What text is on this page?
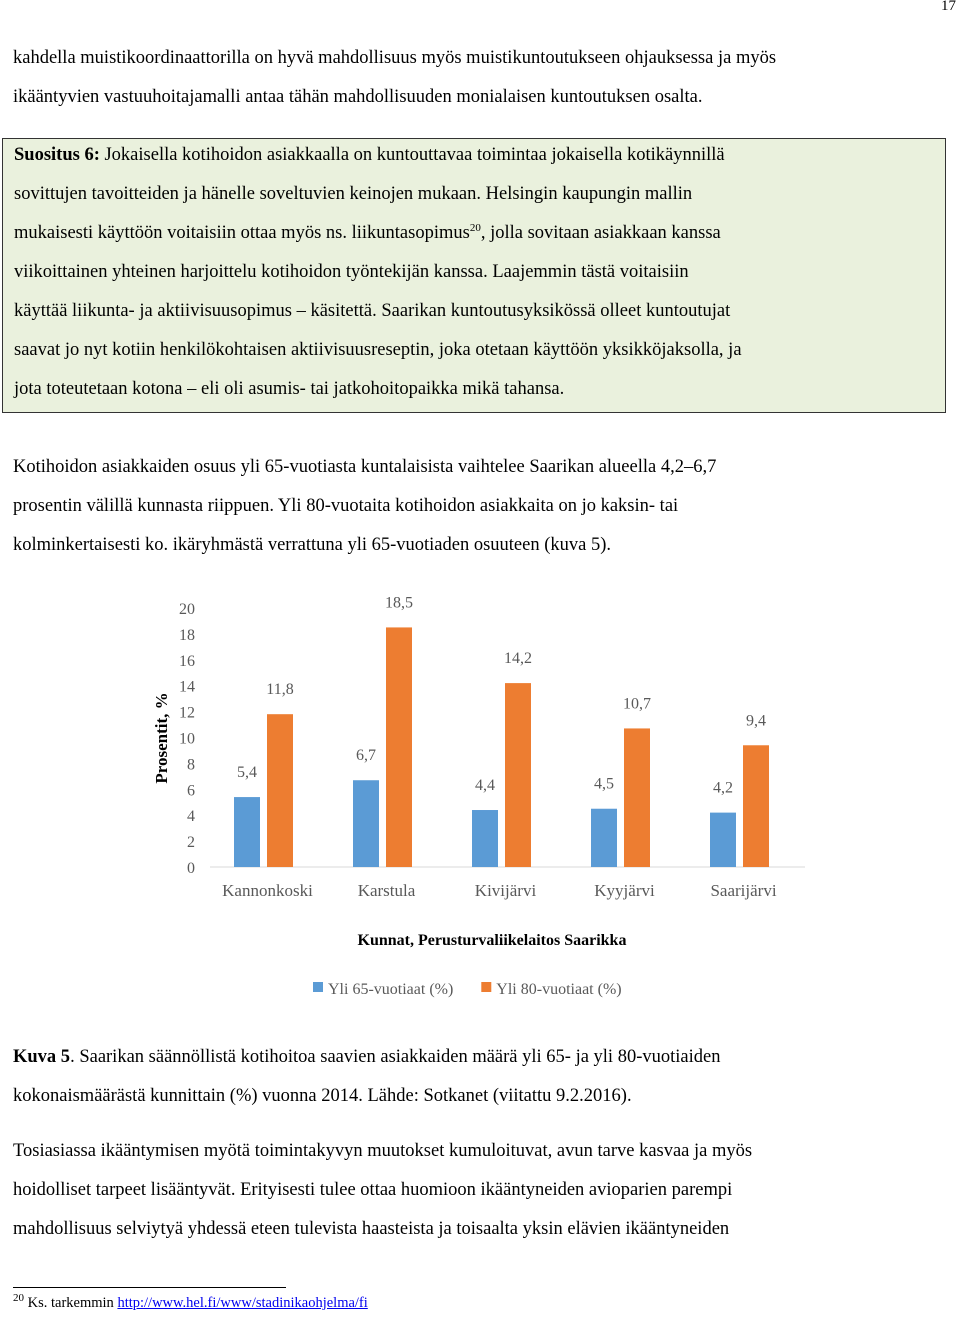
17

kahdella muistikoordinaattorilla on hyvä mahdollisuus myös muistikuntoutukseen ohjauksessa ja myös

ikääntyvien vastuuhoitajamalli antaa tähän mahdollisuuden monialaisen kuntoutuksen osalta.

Suositus 6: Jokaisella kotihoidon asiakkaalla on kuntouttavaa toimintaa jokaisella kotikäynnillä

sovittujen tavoitteiden ja hänelle soveltuvien keinojen mukaan. Helsingin kaupungin mallin

mukaisesti käyttöön voitaisiin ottaa myös ns. liikuntasopimus$^{20}$, jolla sovitaan asiakkaan kanssa

viikoittainen yhteinen harjoittelu kotihoidon työntekijän kanssa. Laajemmin tästä voitaisiin

käyttää liikunta- ja aktiivisuusopimus – käsitettä. Saarikan kuntoutusyksikössä olleet kuntoutujat

saavat jo nyt kotiin henkilökohtaisen aktiivisuusreseptin, joka otetaan käyttöön yksikköjaksolla, ja

jota toteutetaan kotona – eli oli asumis- tai jatkohoitopaikka mikä tahansa.

Kotihoidon asiakkaiden osuus yli 65-vuotiasta kuntalaisista vaihtelee Saarikan alueella 4,2–6,7

prosentin välillä kunnasta riippuen. Yli 80-vuotaita kotihoidon asiakkaita on jo kaksin- tai

kolminkertaisesti ko. ikäryhmästä verrattuna yli 65-vuotiaden osuuteen (kuva 5).

0
2
4
6
8
10
12
14
16
18
20
5,4
11,8
Kannonkoski
6,7
18,5
Karstula
4,4
14,2
Kivijärvi
4,5
10,7
Kyyjärvi
4,2
9,4
Saarijärvi
Prosentit, %
Kunnat, Perusturvaliikelaitos Saarikka
Yli 65-vuotiaat (%)	Yli 80-vuotiaat (%)

Kuva 5. Saarikan säännöllistä kotihoitoa saavien asiakkaiden määrä yli 65- ja yli 80-vuotiaiden

kokonaismäärästä kunnittain (%) vuonna 2014. Lähde: Sotkanet (viitattu 9.2.2016).

Tosiasiassa ikääntymisen myötä toimintakyvyn muutokset kumuloituvat, avun tarve kasvaa ja myös

hoidolliset tarpeet lisääntyvät. Erityisesti tulee ottaa huomioon ikääntyneiden avioparien parempi

mahdollisuus selviytyä yhdessä eteen tulevista haasteista ja toisaalta yksin elävien ikääntyneiden

$^{20}$ Ks. tarkemmin http://www.hel.fi/www/stadinikaohjelma/fi
